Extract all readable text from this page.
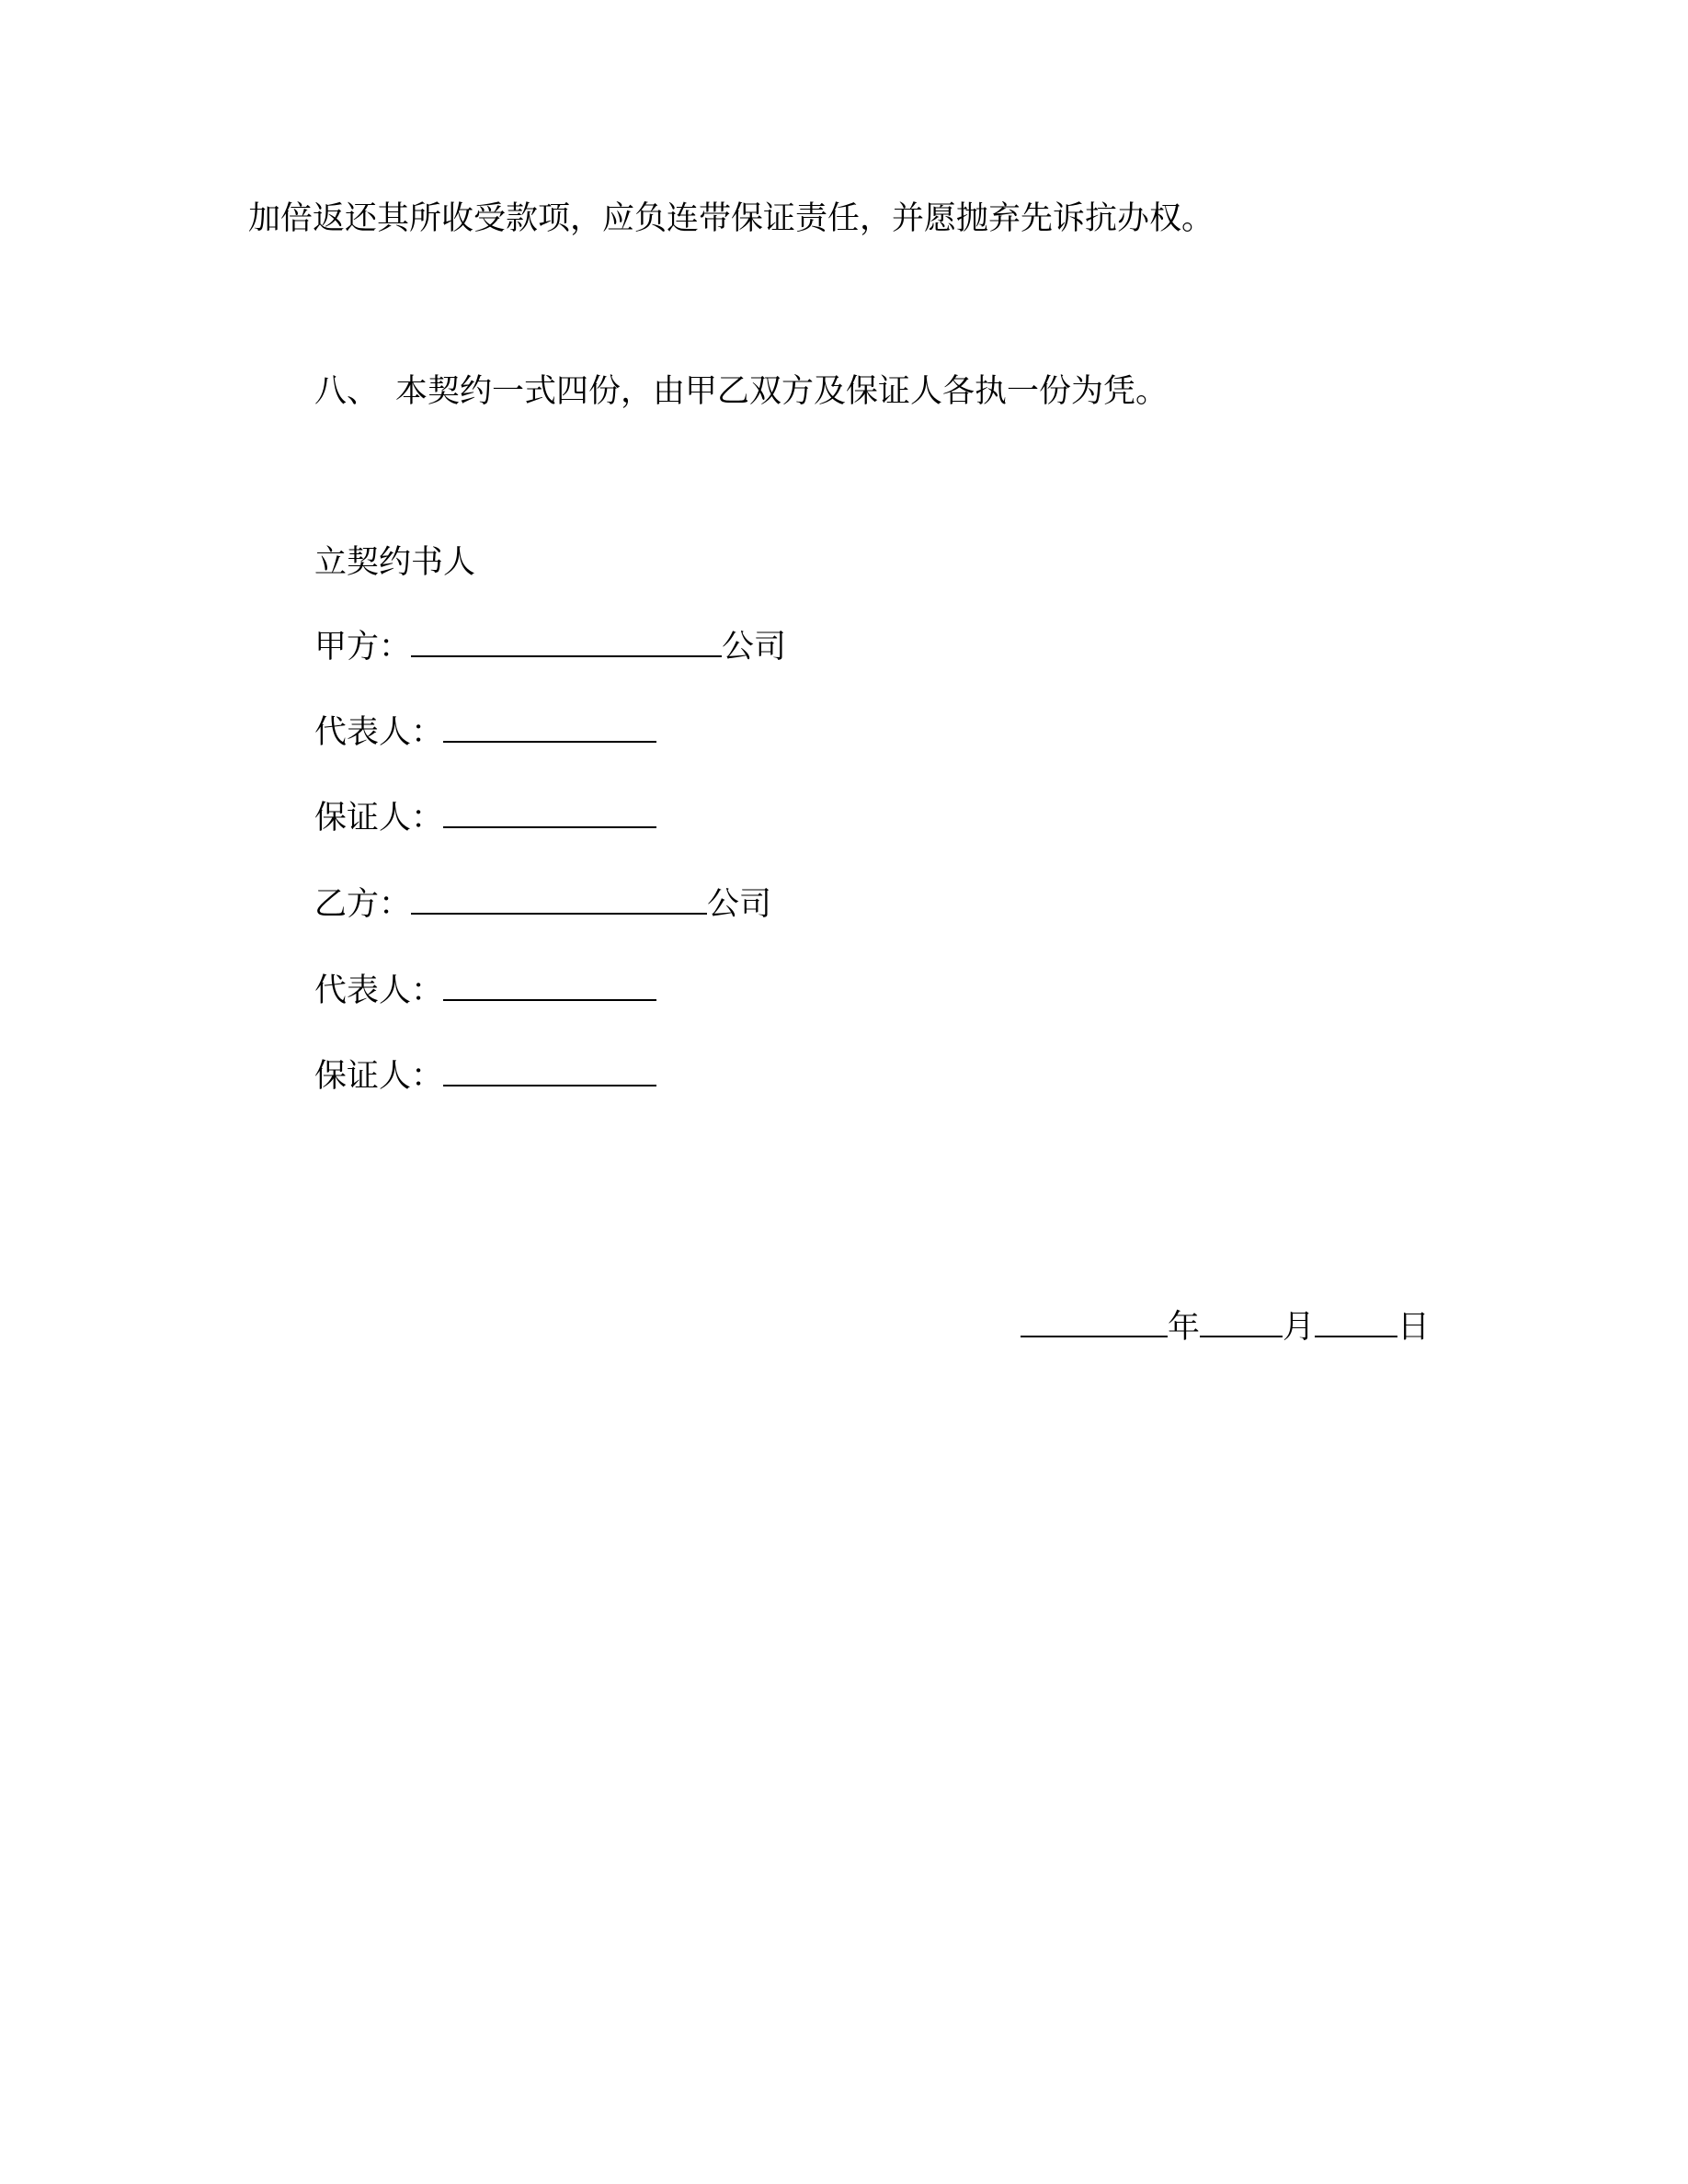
加倍返还其所收受款项，应负连带保证责任，并愿抛弃先诉抗办权。
八、 本契约一式四份，由甲乙双方及保证人各执一份为凭。
立契约书人
甲方：	公司
代表人：
保证人：
乙方：	公司
代表人：
保证人：
年	月	日
